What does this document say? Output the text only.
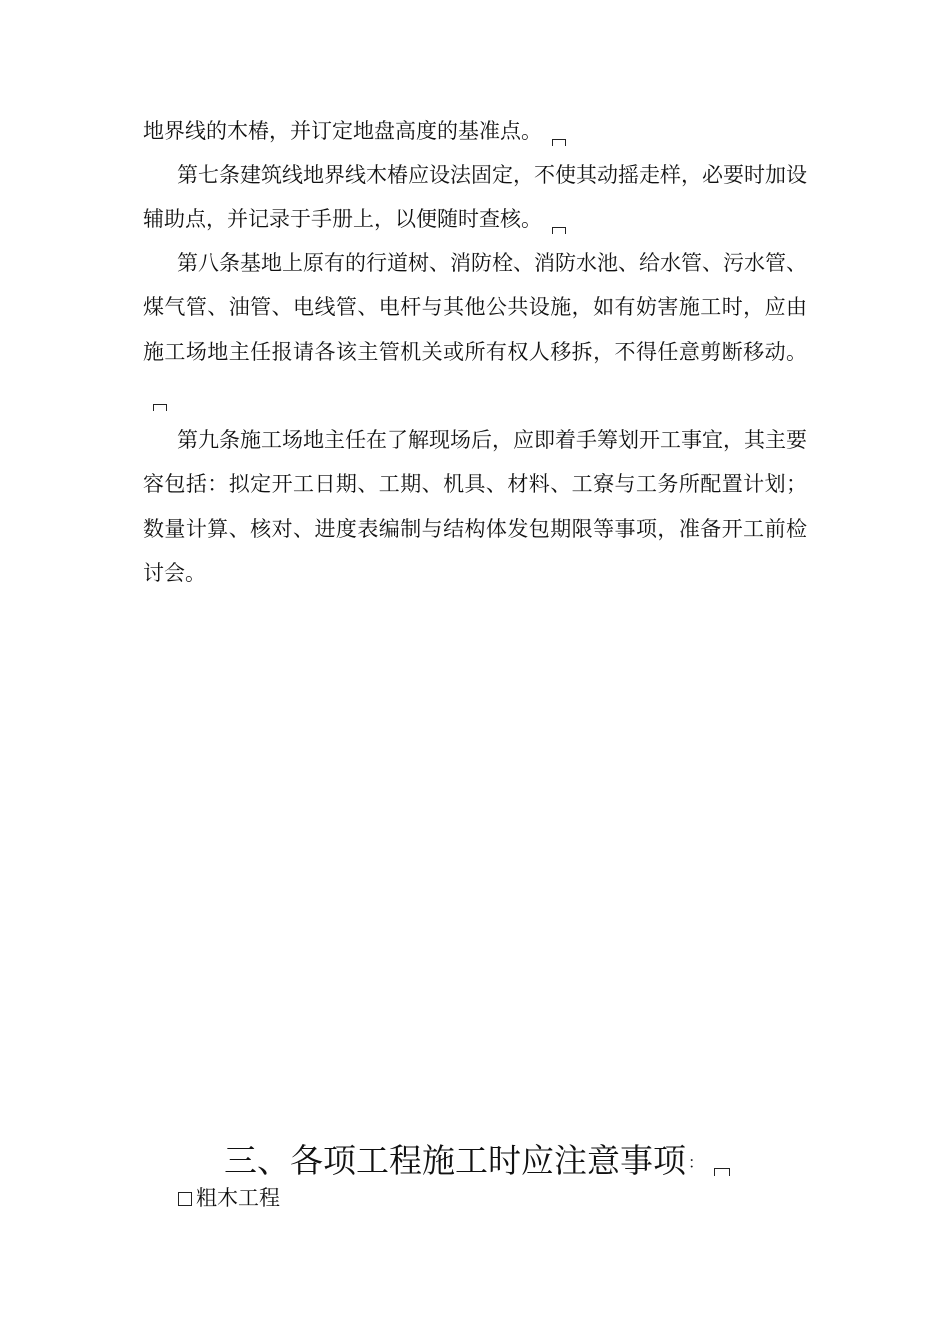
地界线的木椿，并订定地盘高度的基准点。

第七条建筑线地界线木椿应设法固定，不使其动摇走样，必要时加设辅助点，并记录于手册上，以便随时查核。

第八条基地上原有的行道树、消防栓、消防水池、给水管、污水管、煤气管、油管、电线管、电杆与其他公共设施，如有妨害施工时，应由施工场地主任报请各该主管机关或所有权人移拆，不得任意剪断移动。

第九条施工场地主任在了解现场后，应即着手筹划开工事宜，其主要容包括：拟定开工日期、工期、机具、材料、工寮与工务所配置计划；数量计算、核对、进度表编制与结构体发包期限等事项，准备开工前检讨会。

三、各项工程施工时应注意事项 ：
粗木工程
